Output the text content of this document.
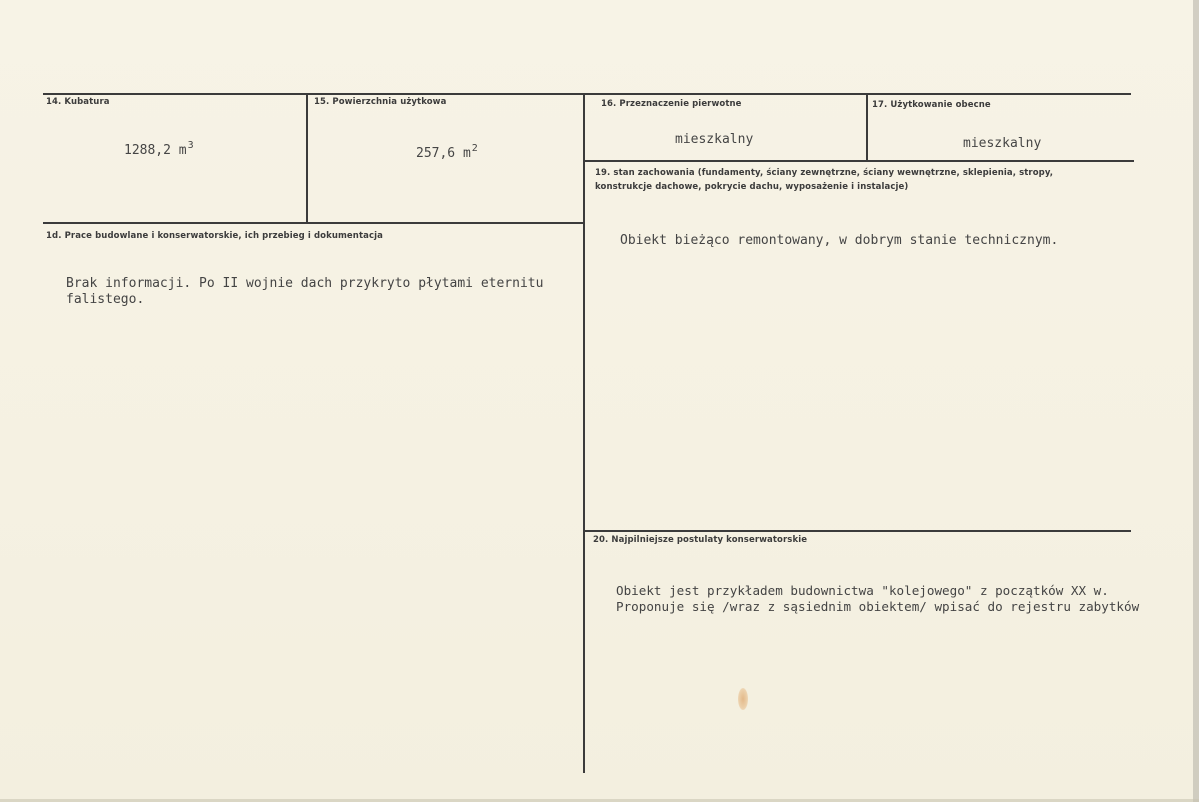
14. Kubatura
1288,2 $m^3$
15. Powierzchnia użytkowa
257,6 $m^2$
16. Przeznaczenie pierwotne
mieszkalny
17. Użytkowanie obecne
mieszkalny
1d. Prace budowlane i konserwatorskie, ich przebieg i dokumentacja
Brak informacji. Po II wojnie dach przykryto płytami eternitu
falistego.
19. stan zachowania (fundamenty, ściany zewnętrzne, ściany wewnętrzne, sklepienia, stropy, konstrukcje dachowe, pokrycie dachu, wyposażenie i instalacje)
Obiekt bieżąco remontowany, w dobrym stanie technicznym.
20. Najpilniejsze postulaty konserwatorskie
Obiekt jest przykładem budownictwa "kolejowego" z początków XX w.
Proponuje się /wraz z sąsiednim obiektem/ wpisać do rejestru zabytków
